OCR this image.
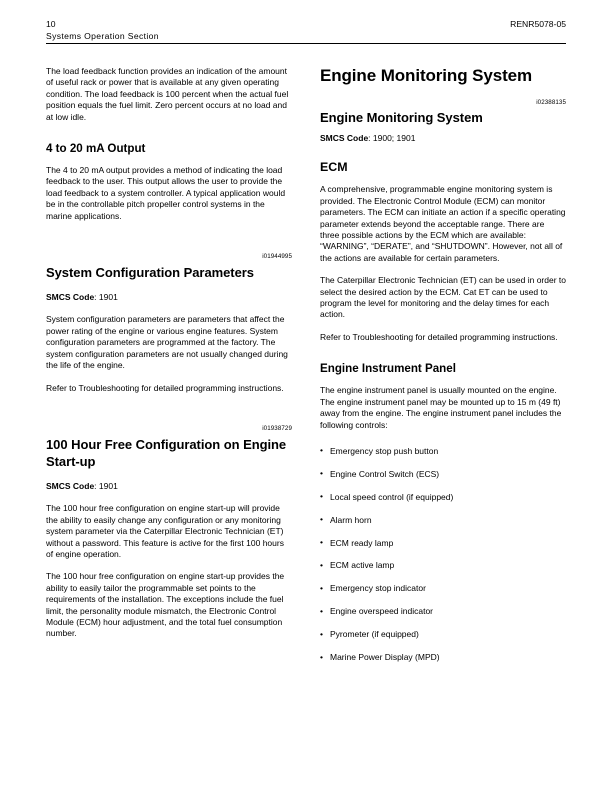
10	RENR5078-05
Systems Operation Section

The load feedback function provides an indication of the amount of useful rack or power that is available at any given operating condition. The load feedback is 100 percent when the actual fuel position equals the fuel limit. Zero percent occurs at no load and at low idle.

4 to 20 mA Output

The 4 to 20 mA output provides a method of indicating the load feedback to the user. This output allows the user to provide the load feedback to a system controller. A typical application would be in the controllable pitch propeller control systems in the marine applications.

i01944995
System Configuration Parameters

SMCS Code: 1901

System configuration parameters are parameters that affect the power rating of the engine or various engine features. System configuration parameters are programmed at the factory. The system configuration parameters are not usually changed during the life of the engine.

Refer to Troubleshooting for detailed programming instructions.

i01938729
100 Hour Free Configuration on Engine Start-up

SMCS Code: 1901

The 100 hour free configuration on engine start-up will provide the ability to easily change any configuration or any monitoring system parameter via the Caterpillar Electronic Technician (ET) without a password. This feature is active for the first 100 hours of engine operation.

The 100 hour free configuration on engine start-up provides the ability to easily tailor the programmable set points to the requirements of the installation. The exceptions include the fuel limit, the personality module mismatch, the Electronic Control Module (ECM) hour adjustment, and the total fuel consumption number.

Engine Monitoring System
i02388135
Engine Monitoring System

SMCS Code: 1900; 1901

ECM

A comprehensive, programmable engine monitoring system is provided. The Electronic Control Module (ECM) can monitor parameters. The ECM can initiate an action if a specific operating parameter extends beyond the acceptable range. There are three possible actions by the ECM which are available: “WARNING”, “DERATE”, and “SHUTDOWN”. However, not all of the actions are available for certain parameters.

The Caterpillar Electronic Technician (ET) can be used in order to select the desired action by the ECM. Cat ET can be used to program the level for monitoring and the delay times for each action.

Refer to Troubleshooting for detailed programming instructions.

Engine Instrument Panel

The engine instrument panel is usually mounted on the engine. The engine instrument panel may be mounted up to 15 m (49 ft) away from the engine. The engine instrument panel includes the following controls:

• Emergency stop push button
• Engine Control Switch (ECS)
• Local speed control (if equipped)
• Alarm horn
• ECM ready lamp
• ECM active lamp
• Emergency stop indicator
• Engine overspeed indicator
• Pyrometer (if equipped)
• Marine Power Display (MPD)
